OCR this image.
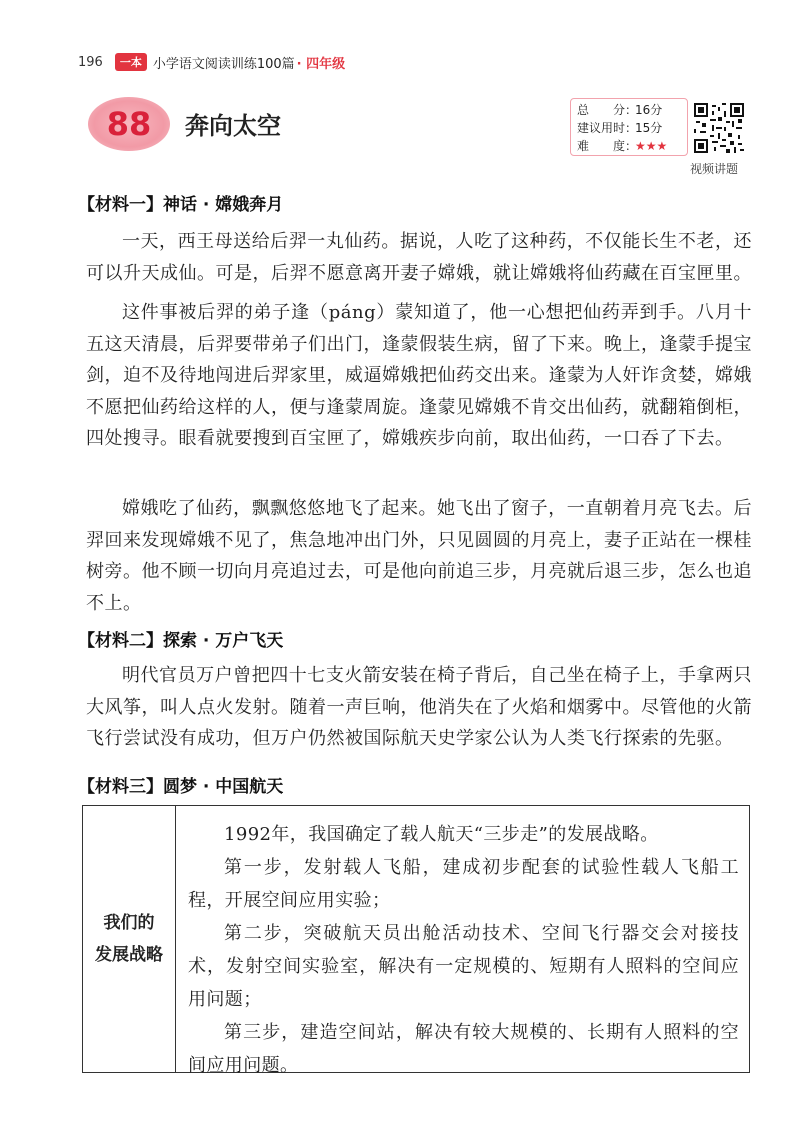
196	一本 小学语文阅读训练100篇 · 四年级
88 奔向太空
总　　分：
16分
建议用时：
15分
难　　度：
★★★
视频讲题
【材料一】神话 · 嫦娥奔月
一天，西王母送给后羿一丸仙药。据说，人吃了这种药，不仅能长生不老，还可以升天成仙。可是，后羿不愿意离开妻子嫦娥，就让嫦娥将仙药藏在百宝匣里。
这件事被后羿的弟子逢（páng）蒙知道了，他一心想把仙药弄到手。八月十五这天清晨，后羿要带弟子们出门，逢蒙假装生病，留了下来。晚上，逢蒙手提宝剑，迫不及待地闯进后羿家里，威逼嫦娥把仙药交出来。逢蒙为人奸诈贪婪，嫦娥不愿把仙药给这样的人，便与逢蒙周旋。逢蒙见嫦娥不肯交出仙药，就翻箱倒柜，四处搜寻。眼看就要搜到百宝匣了，嫦娥疾步向前，取出仙药，一口吞了下去。
嫦娥吃了仙药，飘飘悠悠地飞了起来。她飞出了窗子，一直朝着月亮飞去。后羿回来发现嫦娥不见了，焦急地冲出门外，只见圆圆的月亮上，妻子正站在一棵桂树旁。他不顾一切向月亮追过去，可是他向前追三步，月亮就后退三步，怎么也追不上。
【材料二】探索 · 万户飞天
明代官员万户曾把四十七支火箭安装在椅子背后，自己坐在椅子上，手拿两只大风筝，叫人点火发射。随着一声巨响，他消失在了火焰和烟雾中。尽管他的火箭飞行尝试没有成功，但万户仍然被国际航天史学家公认为人类飞行探索的先驱。
【材料三】圆梦 · 中国航天
我们的
发展战略

1992年，我国确定了载人航天“三步走”的发展战略。

第一步，发射载人飞船，建成初步配套的试验性载人飞船工程，开展空间应用实验；

第二步，突破航天员出舱活动技术、空间飞行器交会对接技术，发射空间实验室，解决有一定规模的、短期有人照料的空间应用问题；

第三步，建造空间站，解决有较大规模的、长期有人照料的空间应用问题。
